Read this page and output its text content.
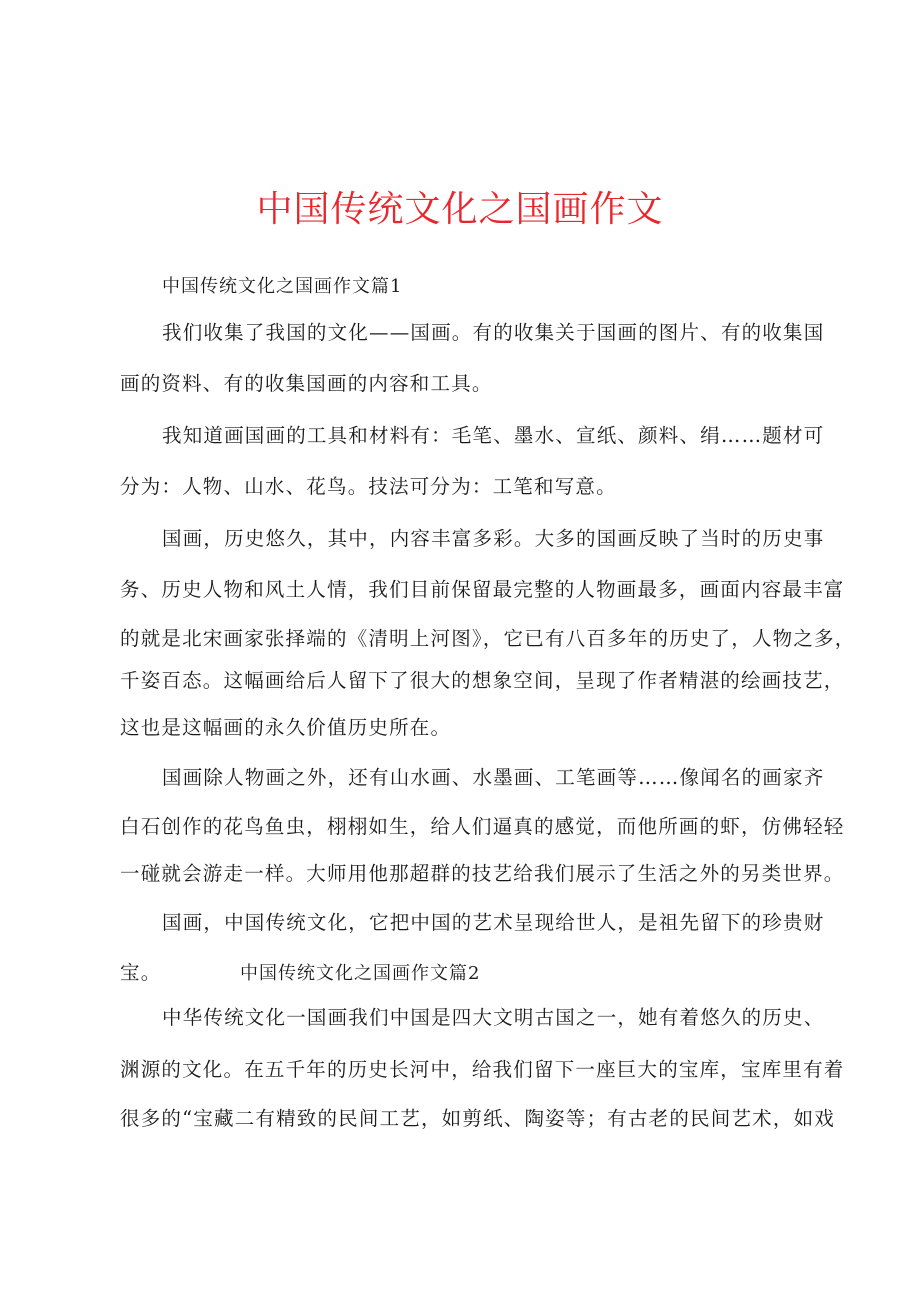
中国传统文化之国画作文
中国传统文化之国画作文篇1
我们收集了我国的文化——国画。有的收集关于国画的图片、有的收集国
画的资料、有的收集国画的内容和工具。
我知道画国画的工具和材料有：毛笔、墨水、宣纸、颜料、绢……题材可
分为：人物、山水、花鸟。技法可分为：工笔和写意。
国画，历史悠久，其中，内容丰富多彩。大多的国画反映了当时的历史事
务、历史人物和风土人情，我们目前保留最完整的人物画最多，画面内容最丰富
的就是北宋画家张择端的《清明上河图》，它已有八百多年的历史了，人物之多，
千姿百态。这幅画给后人留下了很大的想象空间，呈现了作者精湛的绘画技艺，
这也是这幅画的永久价值历史所在。
国画除人物画之外，还有山水画、水墨画、工笔画等……像闻名的画家齐
白石创作的花鸟鱼虫，栩栩如生，给人们逼真的感觉，而他所画的虾，仿佛轻轻
一碰就会游走一样。大师用他那超群的技艺给我们展示了生活之外的另类世界。
国画，中国传统文化，它把中国的艺术呈现给世人，是祖先留下的珍贵财
宝。	中国传统文化之国画作文篇2
中华传统文化一国画我们中国是四大文明古国之一，她有着悠久的历史、
渊源的文化。在五千年的历史长河中，给我们留下一座巨大的宝库，宝库里有着
很多的“宝藏二有精致的民间工艺，如剪纸、陶姿等；有古老的民间艺术，如戏
